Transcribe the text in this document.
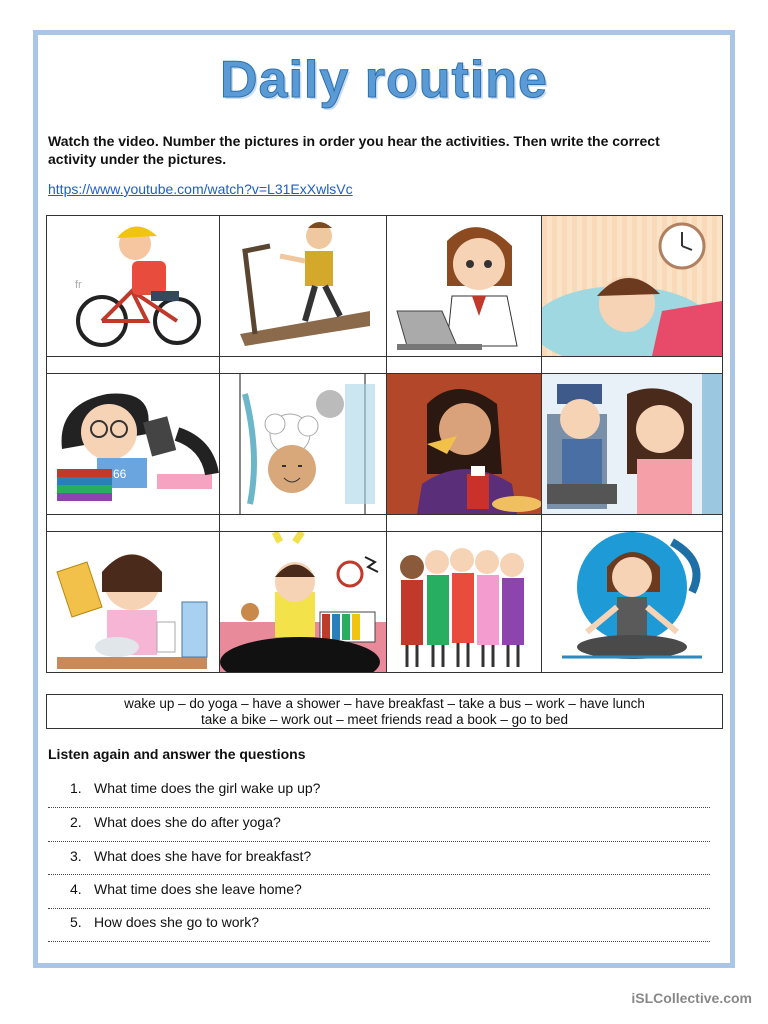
Daily routine
Watch the video. Number the pictures in order you hear the activities. Then write the correct activity under the pictures.
https://www.youtube.com/watch?v=L31ExXwlsVc
fr

66

wake up – do yoga – have a shower – have breakfast – take a bus – work – have lunch
take a bike – work out – meet friends read a book – go to bed
Listen again and answer the questions
1. What time does the girl wake up up?
2. What does she do after yoga?
3. What does she have for breakfast?
4. What time does she leave home?
5. How does she go to work?
iSLCollective.com
